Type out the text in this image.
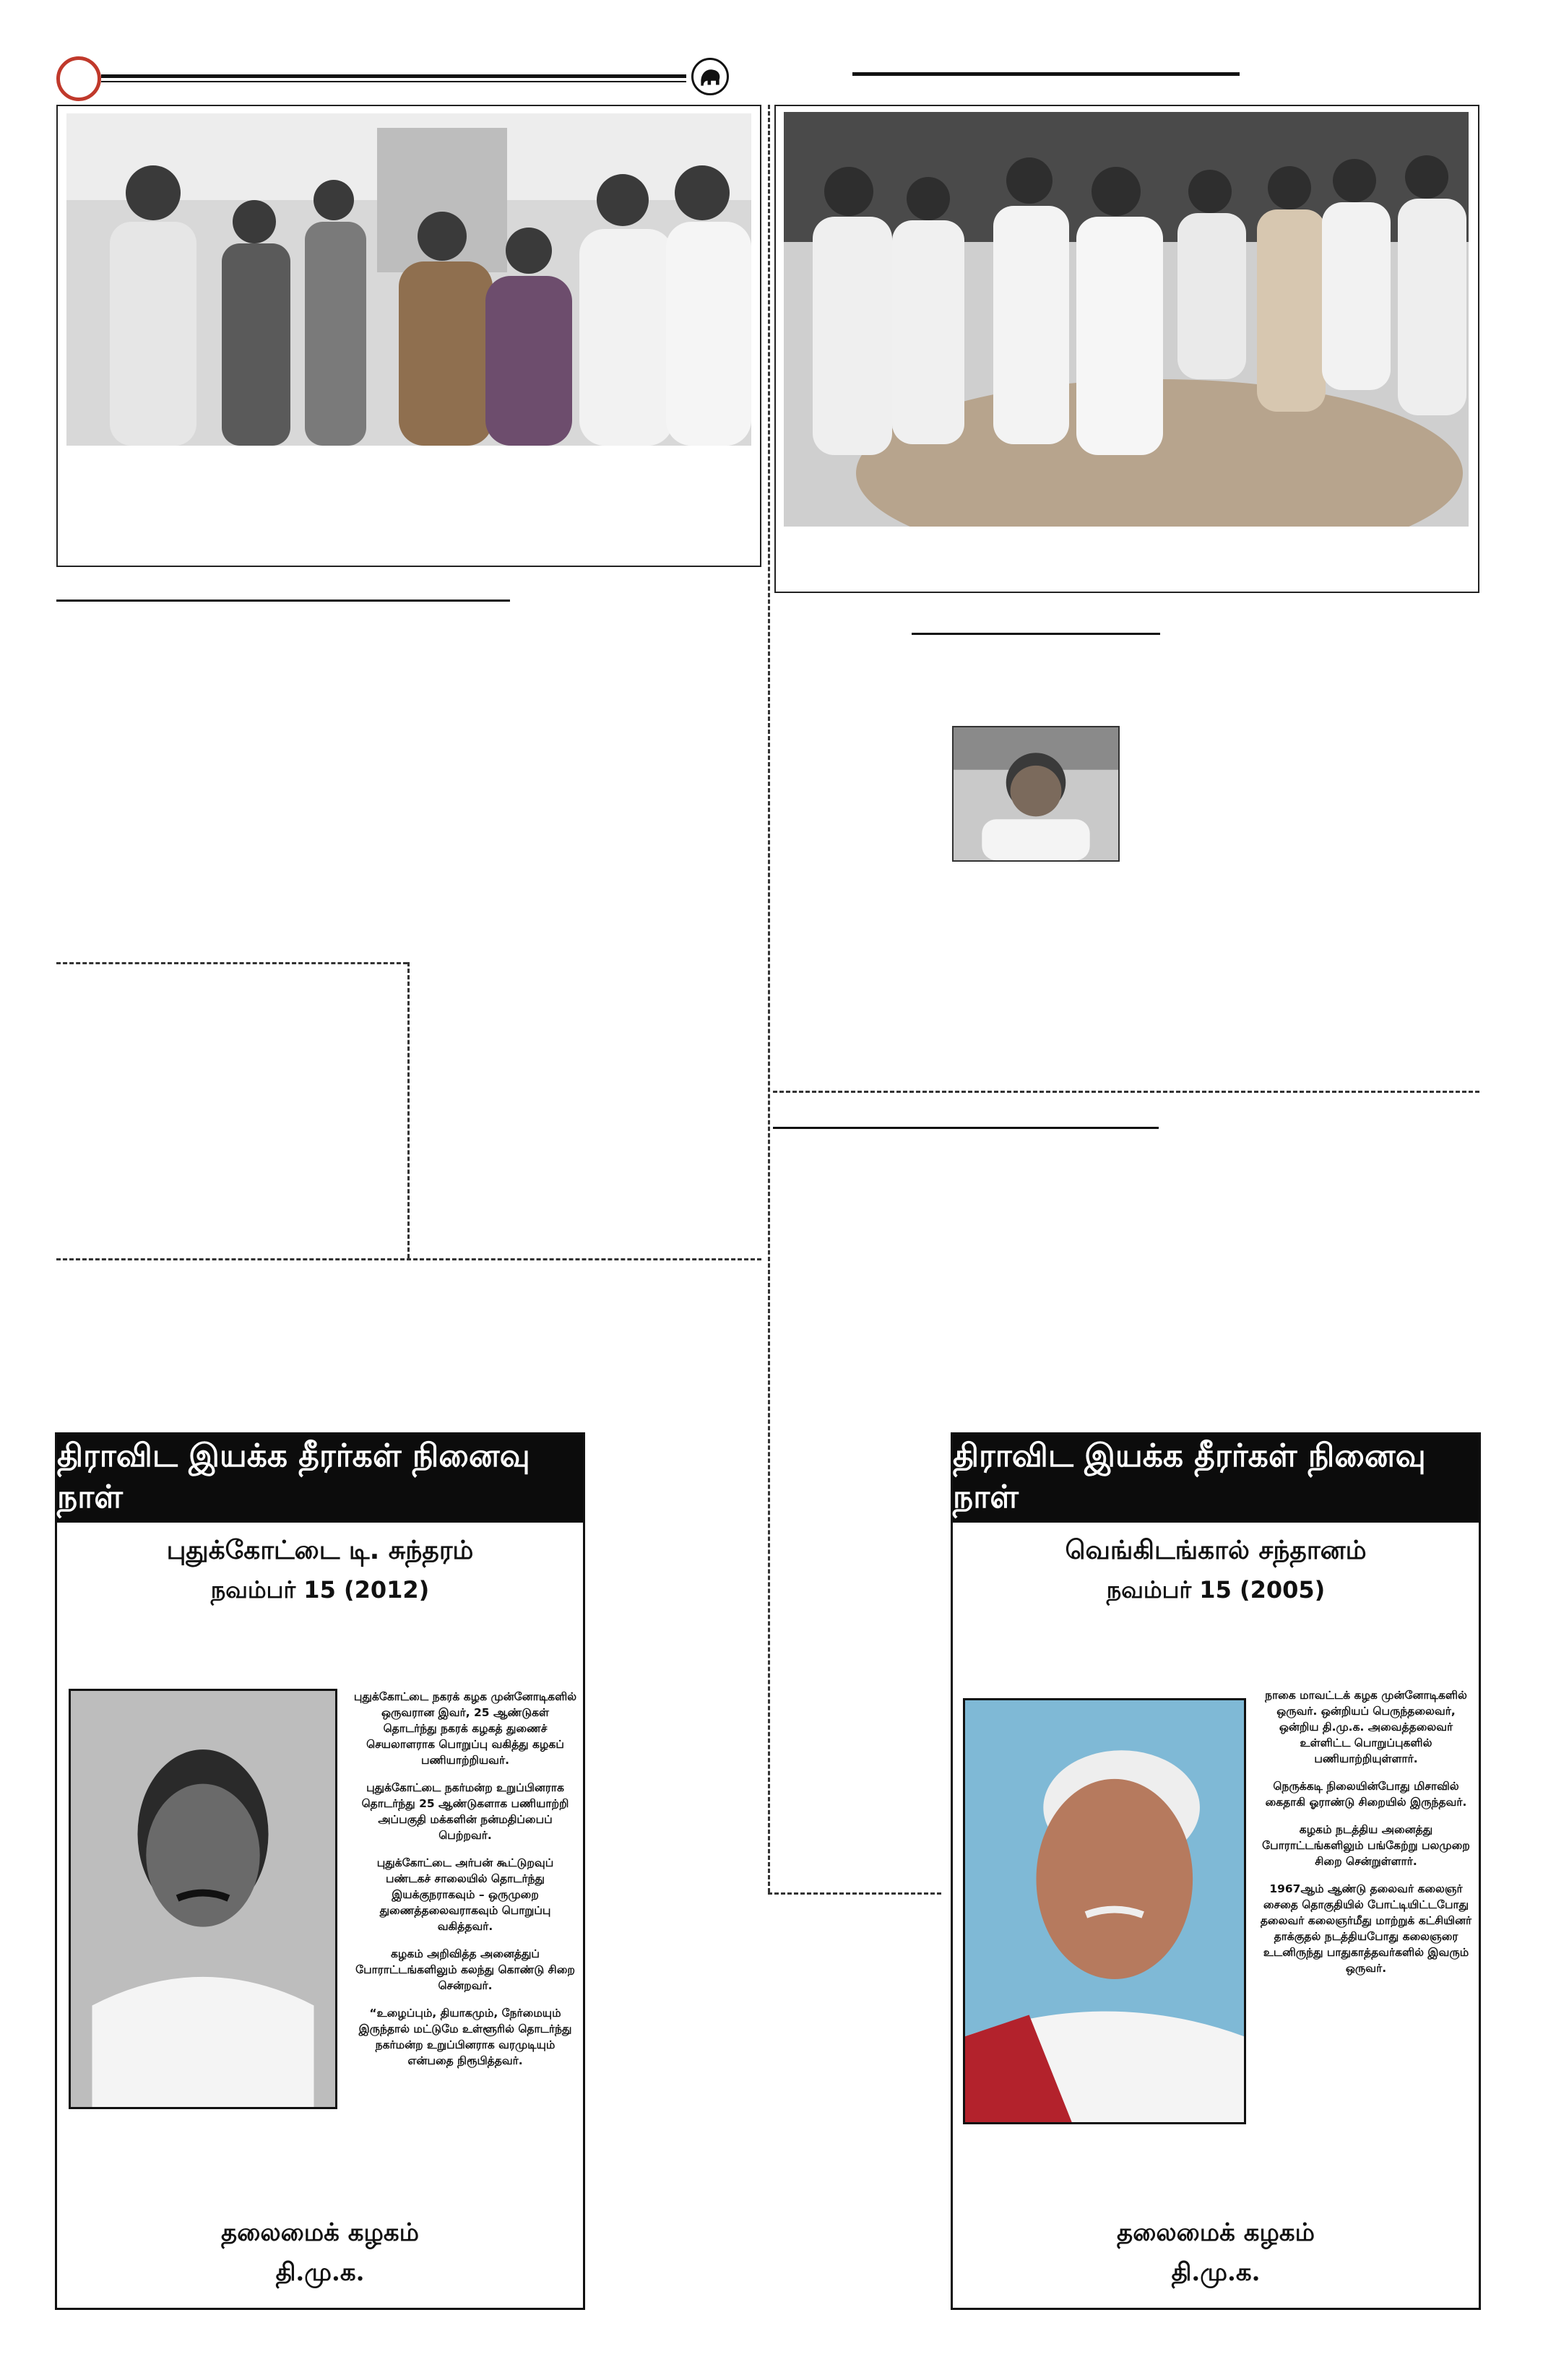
திராவிட இயக்க தீரர்கள் நினைவு நாள்
புதுக்கோட்டை டி. சுந்தரம்
நவம்பர் 15 (2012)

புதுக்கோட்டை நகரக் கழக முன்னோடிகளில் ஒருவரான இவர், 25 ஆண்டுகள் தொடர்ந்து நகரக் கழகத் துணைச் செயலாளராக பொறுப்பு வகித்து கழகப் பணியாற்றியவர்.

புதுக்கோட்டை நகர்மன்ற உறுப்பினராக தொடர்ந்து 25 ஆண்டுகளாக பணியாற்றி அப்பகுதி மக்களின் நன்மதிப்பைப் பெற்றவர்.

புதுக்கோட்டை அர்பன் கூட்டுறவுப் பண்டகச் சாலையில் தொடர்ந்து இயக்குநராகவும் – ஒருமுறை துணைத்தலைவராகவும் பொறுப்பு வகித்தவர்.

கழகம் அறிவித்த அனைத்துப் போராட்டங்களிலும் கலந்து கொண்டு சிறை சென்றவர்.

“உழைப்பும், தியாகமும், நேர்மையும் இருந்தால் மட்டுமே உள்ளூரில் தொடர்ந்து நகர்மன்ற உறுப்பினராக வரமுடியும் என்பதை நிரூபித்தவர்.

தலைமைக் கழகம்
தி.மு.க.
திராவிட இயக்க தீரர்கள் நினைவு நாள்
வெங்கிடங்கால் சந்தானம்
நவம்பர் 15 (2005)

நாகை மாவட்டக் கழக முன்னோடிகளில் ஒருவர். ஒன்றியப் பெருந்தலைவர், ஒன்றிய தி.மு.க. அவைத்தலைவர் உள்ளிட்ட பொறுப்புகளில் பணியாற்றியுள்ளார்.

நெருக்கடி நிலையின்போது மிசாவில் கைதாகி ஓராண்டு சிறையில் இருந்தவர்.

கழகம் நடத்திய அனைத்து போராட்டங்களிலும் பங்கேற்று பலமுறை சிறை சென்றுள்ளார்.

1967ஆம் ஆண்டு தலைவர் கலைஞர் சைதை தொகுதியில் போட்டியிட்டபோது தலைவர் கலைஞர்மீது மாற்றுக் கட்சியினர் தாக்குதல் நடத்தியபோது கலைஞரை உடனிருந்து பாதுகாத்தவர்களில் இவரும் ஒருவர்.

தலைமைக் கழகம்
தி.மு.க.
